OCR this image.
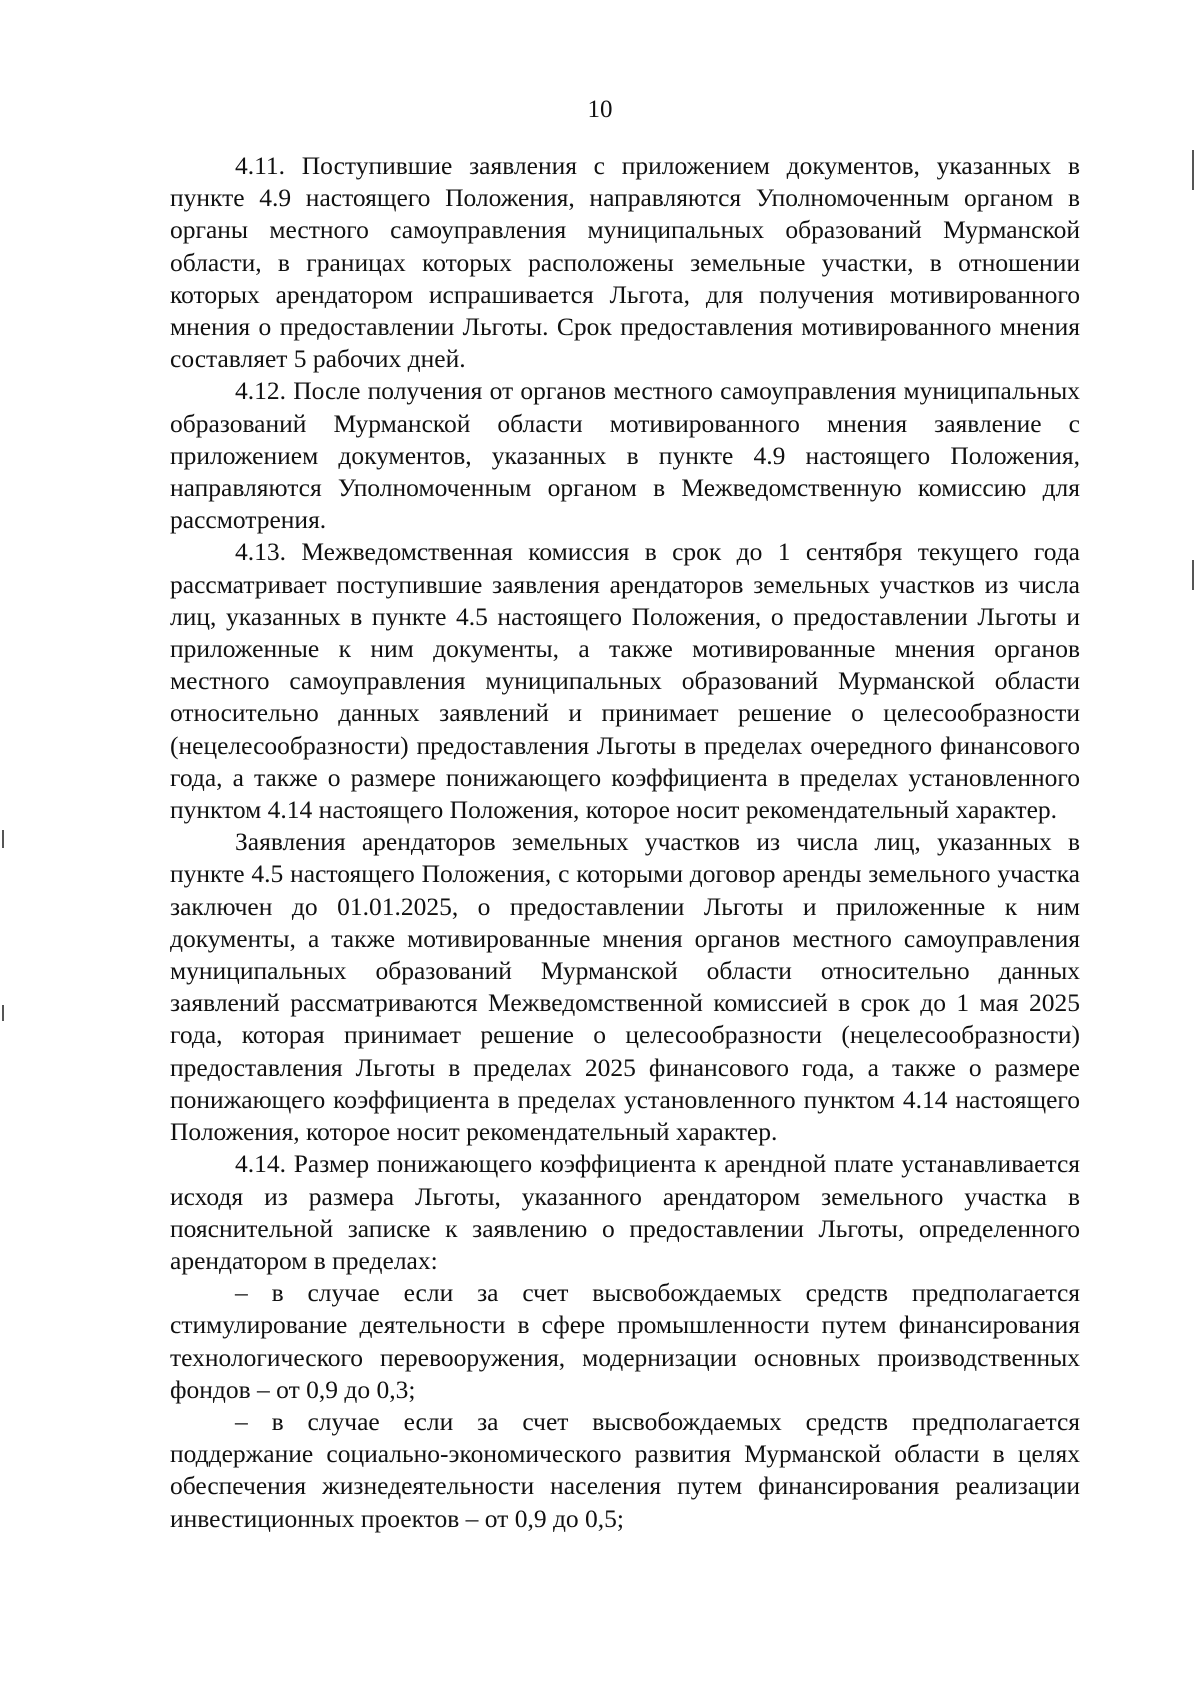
10

4.11. Поступившие заявления с приложением документов, указанных в пункте 4.9 настоящего Положения, направляются Уполномоченным органом в органы местного самоуправления муниципальных образований Мурманской области, в границах которых расположены земельные участки, в отношении которых арендатором испрашивается Льгота, для получения мотивированного мнения о предоставлении Льготы. Срок предоставления мотивированного мнения составляет 5 рабочих дней.

4.12. После получения от органов местного самоуправления муниципальных образований Мурманской области мотивированного мнения заявление с приложением документов, указанных в пункте 4.9 настоящего Положения, направляются Уполномоченным органом в Межведомственную комиссию для рассмотрения.

4.13. Межведомственная комиссия в срок до 1 сентября текущего года рассматривает поступившие заявления арендаторов земельных участков из числа лиц, указанных в пункте 4.5 настоящего Положения, о предоставлении Льготы и приложенные к ним документы, а также мотивированные мнения органов местного самоуправления муниципальных образований Мурманской области относительно данных заявлений и принимает решение о целесообразности (нецелесообразности) предоставления Льготы в пределах очередного финансового года, а также о размере понижающего коэффициента в пределах установленного пунктом 4.14 настоящего Положения, которое носит рекомендательный характер.

Заявления арендаторов земельных участков из числа лиц, указанных в пункте 4.5 настоящего Положения, с которыми договор аренды земельного участка заключен до 01.01.2025, о предоставлении Льготы и приложенные к ним документы, а также мотивированные мнения органов местного самоуправления муниципальных образований Мурманской области относительно данных заявлений рассматриваются Межведомственной комиссией в срок до 1 мая 2025 года, которая принимает решение о целесообразности (нецелесообразности) предоставления Льготы в пределах 2025 финансового года, а также о размере понижающего коэффициента в пределах установленного пунктом 4.14 настоящего Положения, которое носит рекомендательный характер.

4.14. Размер понижающего коэффициента к арендной плате устанавливается исходя из размера Льготы, указанного арендатором земельного участка в пояснительной записке к заявлению о предоставлении Льготы, определенного арендатором в пределах:

– в случае если за счет высвобождаемых средств предполагается стимулирование деятельности в сфере промышленности путем финансирования технологического перевооружения, модернизации основных производственных фондов – от 0,9 до 0,3;

– в случае если за счет высвобождаемых средств предполагается поддержание социально-экономического развития Мурманской области в целях обеспечения жизнедеятельности населения путем финансирования реализации инвестиционных проектов – от 0,9 до 0,5;
